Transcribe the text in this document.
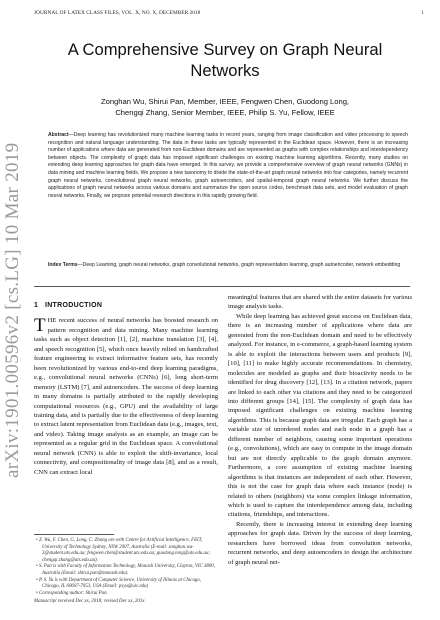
JOURNAL OF LATEX CLASS FILES, VOL. X, NO. X, DECEMBER 2018	1
arXiv:1901.00596v2 [cs.LG] 10 Mar 2019
A Comprehensive Survey on Graph Neural Networks
Zonghan Wu, Shirui Pan, Member, IEEE, Fengwen Chen, Guodong Long,
Chengqi Zhang, Senior Member, IEEE, Philip S. Yu, Fellow, IEEE
Abstract—Deep learning has revolutionized many machine learning tasks in recent years, ranging from image classification and video processing to speech recognition and natural language understanding. The data in these tasks are typically represented in the Euclidean space. However, there is an increasing number of applications where data are generated from non-Euclidean domains and are represented as graphs with complex relationships and interdependency between objects. The complexity of graph data has imposed significant challenges on existing machine learning algorithms. Recently, many studies on extending deep learning approaches for graph data have emerged. In this survey, we provide a comprehensive overview of graph neural networks (GNNs) in data mining and machine learning fields. We propose a new taxonomy to divide the state-of-the-art graph neural networks into four categories, namely recurrent graph neural networks, convolutional graph neural networks, graph autoencoders, and spatial-temporal graph neural networks. We further discuss the applications of graph neural networks across various domains and summarize the open source codes, benchmark data sets, and model evaluation of graph neural networks. Finally, we propose potential research directions in this rapidly growing field.
Index Terms—Deep Learning, graph neural networks, graph convolutional networks, graph representation learning, graph autoencoder, network embedding
1 INTRODUCTION

THE recent success of neural networks has boosted research on pattern recognition and data mining. Many machine learning tasks such as object detection [1], [2], machine translation [3], [4], and speech recognition [5], which once heavily relied on handcrafted feature engineering to extract informative feature sets, has recently been revolutionized by various end-to-end deep learning paradigms, e.g., convolutional neural networks (CNNs) [6], long short-term memory (LSTM) [7], and autoencoders. The success of deep learning in many domains is partially attributed to the rapidly developing computational resources (e.g., GPU) and the availability of large training data, and is partially due to the effectiveness of deep learning to extract latent representation from Euclidean data (e.g., images, text, and video). Taking image analysis as an example, an image can be represented as a regular grid in the Euclidean space. A convolutional neural network (CNN) is able to exploit the shift-invariance, local connectivity, and compositionality of image data [8], and as a result, CNN can extract local

• Z. Wu, F. Chen, G. Long, C. Zhang are with Centre for Artificial Intelligence, FEIT, University of Technology Sydney, NSW 2007, Australia (E-mail: zonghan.wu-3@student.uts.edu.au; fengwen.chen@student.uts.edu.au; guodong.long@uts.edu.au; chengqi.zhang@uts.edu.au).
• S. Pan is with Faculty of Information Technology, Monash University, Clayton, VIC 3800, Australia (Email: shirui.pan@monash.edu).
• P. S. Yu is with Department of Computer Science, University of Illinois at Chicago, Chicago, IL 60607-7053, USA (Email: psyu@uic.edu)
• Corresponding author: Shirui Pan.
Manuscript received Dec xx, 2018; revised Dec xx, 201x.

meaningful features that are shared with the entire datasets for various image analysis tasks.

While deep learning has achieved great success on Euclidean data, there is an increasing number of applications where data are generated from the non-Euclidean domain and need to be effectively analyzed. For instance, in e-commerce, a graph-based learning system is able to exploit the interactions between users and products [9], [10], [11] to make highly accurate recommendations. In chemistry, molecules are modeled as graphs and their bioactivity needs to be identified for drug discovery [12], [13]. In a citation network, papers are linked to each other via citations and they need to be categorized into different groups [14], [15]. The complexity of graph data has imposed significant challenges on existing machine learning algorithms. This is because graph data are irregular. Each graph has a variable size of unordered nodes and each node in a graph has a different number of neighbors, causing some important operations (e.g., convolutions), which are easy to compute in the image domain but are not directly applicable to the graph domain anymore. Furthermore, a core assumption of existing machine learning algorithms is that instances are independent of each other. However, this is not the case for graph data where each instance (node) is related to others (neighbors) via some complex linkage information, which is used to capture the interdependence among data, including citations, friendships, and interactions.

Recently, there is increasing interest in extending deep learning approaches for graph data. Driven by the success of deep learning, researchers have borrowed ideas from convolution networks, recurrent networks, and deep autoencoders to design the architecture of graph neural net-
